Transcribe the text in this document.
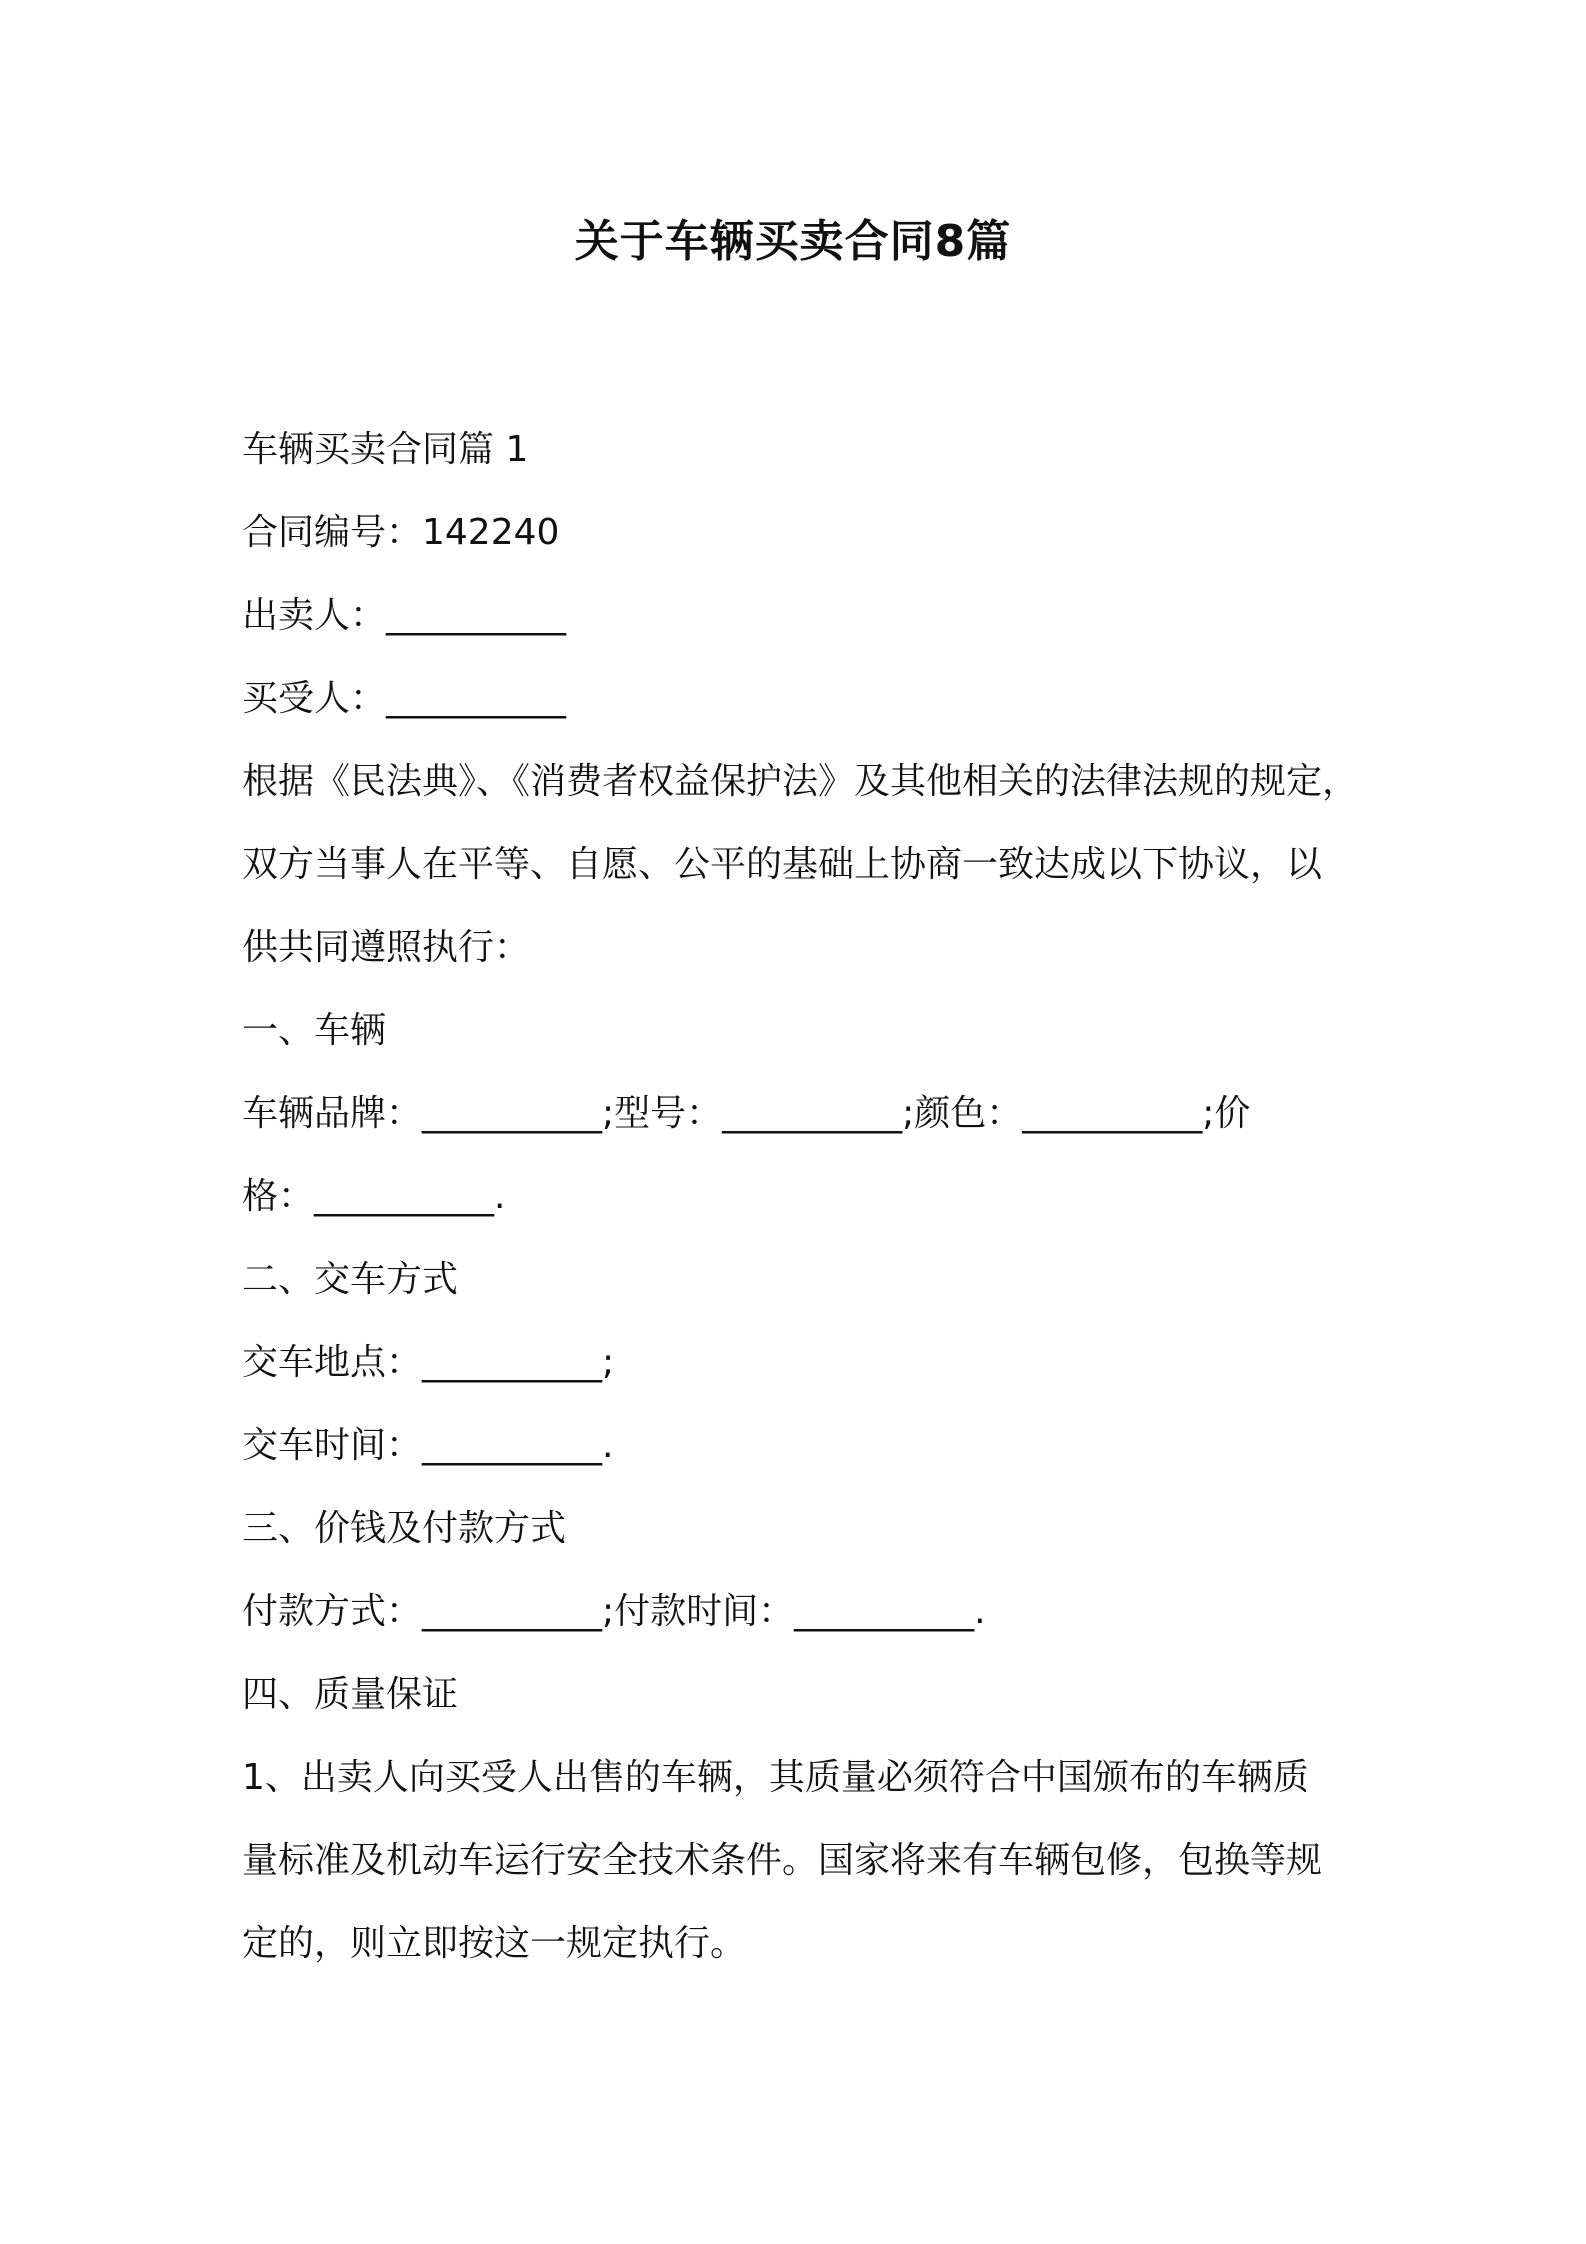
关于车辆买卖合同8篇
车辆买卖合同篇 1
合同编号：142240
出卖人：__________
买受人：__________
根据《民法典》、《消费者权益保护法》及其他相关的法律法规的规定，
双方当事人在平等、自愿、公平的基础上协商一致达成以下协议，以
供共同遵照执行：
一、车辆
车辆品牌：__________;型号：__________;颜色：__________;价
格：__________.
二、交车方式
交车地点：__________;
交车时间：__________.
三、价钱及付款方式
付款方式：__________;付款时间：__________.
四、质量保证
1、出卖人向买受人出售的车辆，其质量必须符合中国颁布的车辆质
量标准及机动车运行安全技术条件。国家将来有车辆包修，包换等规
定的，则立即按这一规定执行。
